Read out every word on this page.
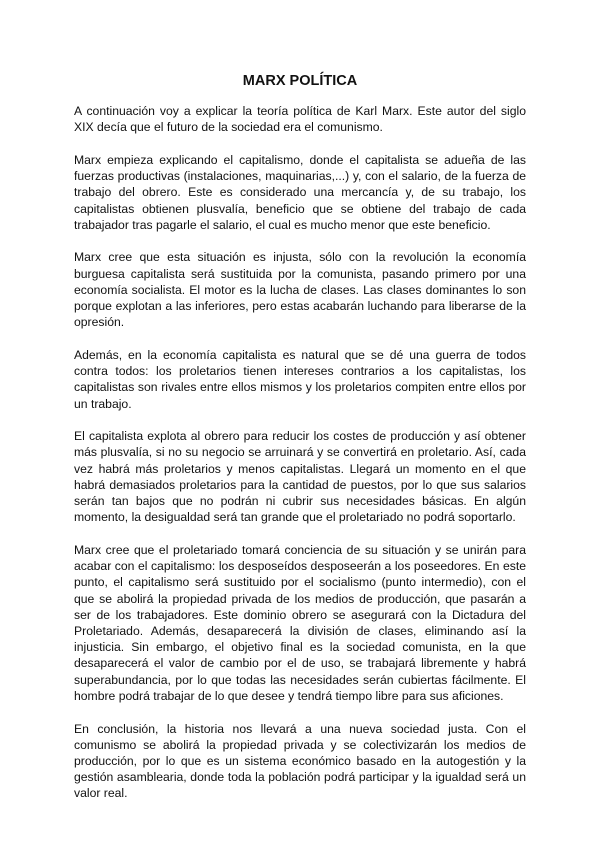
MARX POLÍTICA

A continuación voy a explicar la teoría política de Karl Marx. Este autor del siglo XIX decía que el futuro de la sociedad era el comunismo.

Marx empieza explicando el capitalismo, donde el capitalista se adueña de las fuerzas productivas (instalaciones, maquinarias,...) y, con el salario, de la fuerza de trabajo del obrero. Este es considerado una mercancía y, de su trabajo, los capitalistas obtienen plusvalía, beneficio que se obtiene del trabajo de cada trabajador tras pagarle el salario, el cual es mucho menor que este beneficio.

Marx cree que esta situación es injusta, sólo con la revolución la economía burguesa capitalista será sustituida por la comunista, pasando primero por una economía socialista. El motor es la lucha de clases. Las clases dominantes lo son porque explotan a las inferiores, pero estas acabarán luchando para liberarse de la opresión.

Además, en la economía capitalista es natural que se dé una guerra de todos contra todos: los proletarios tienen intereses contrarios a los capitalistas, los capitalistas son rivales entre ellos mismos y los proletarios compiten entre ellos por un trabajo.

El capitalista explota al obrero para reducir los costes de producción y así obtener más plusvalía, si no su negocio se arruinará y se convertirá en proletario. Así, cada vez habrá más proletarios y menos capitalistas. Llegará un momento en el que habrá demasiados proletarios para la cantidad de puestos, por lo que sus salarios serán tan bajos que no podrán ni cubrir sus necesidades básicas. En algún momento, la desigualdad será tan grande que el proletariado no podrá soportarlo.

Marx cree que el proletariado tomará conciencia de su situación y se unirán para acabar con el capitalismo: los desposeídos desposeerán a los poseedores. En este punto, el capitalismo será sustituido por el socialismo (punto intermedio), con el que se abolirá la propiedad privada de los medios de producción, que pasarán a ser de los trabajadores. Este dominio obrero se asegurará con la Dictadura del Proletariado. Además, desaparecerá la división de clases, eliminando así la injusticia. Sin embargo, el objetivo final es la sociedad comunista, en la que desaparecerá el valor de cambio por el de uso, se trabajará libremente y habrá superabundancia, por lo que todas las necesidades serán cubiertas fácilmente. El hombre podrá trabajar de lo que desee y tendrá tiempo libre para sus aficiones.

En conclusión, la historia nos llevará a una nueva sociedad justa. Con el comunismo se abolirá la propiedad privada y se colectivizarán los medios de producción, por lo que es un sistema económico basado en la autogestión y la gestión asamblearia, donde toda la población podrá participar y la igualdad será un valor real.
